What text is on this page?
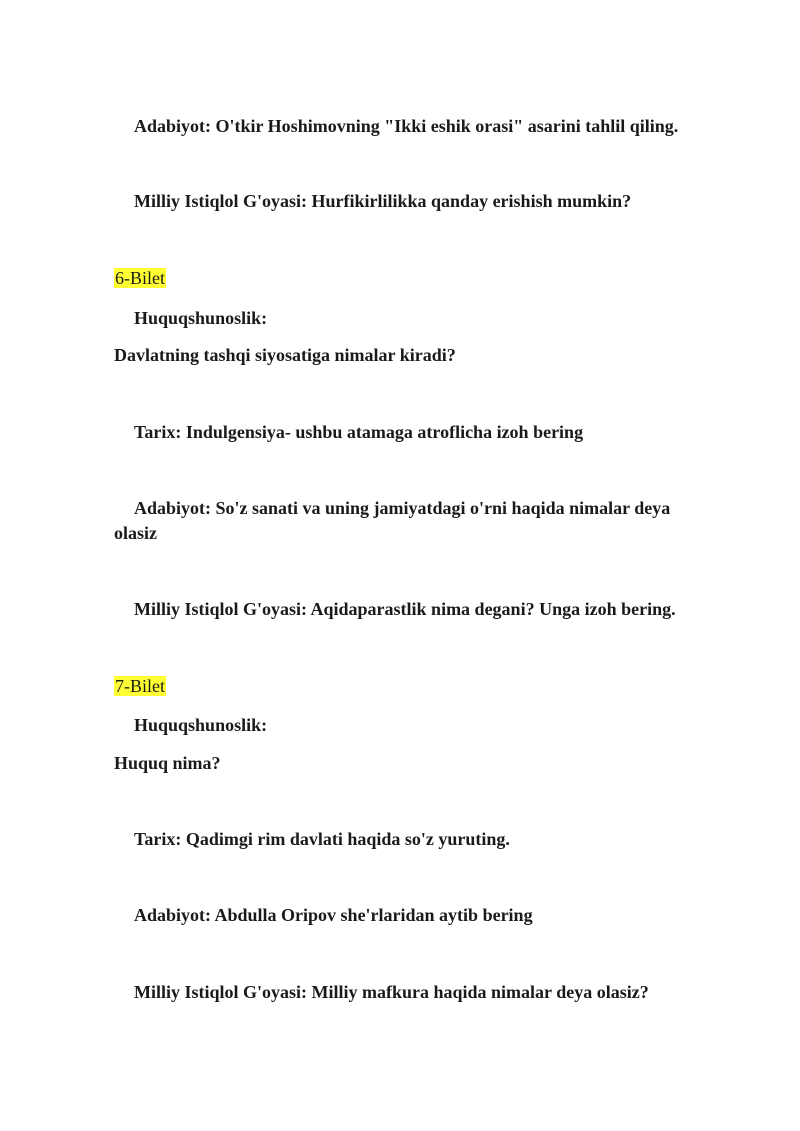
Adabiyot: O'tkir Hoshimovning "Ikki eshik orasi" asarini tahlil qiling.
Milliy Istiqlol G'oyasi: Hurfikirlilikka qanday erishish mumkin?
6-Bilet
Huquqshunoslik:
Davlatning tashqi siyosatiga nimalar kiradi?
Tarix: Indulgensiya- ushbu atamaga atroflicha izoh bering
Adabiyot: So'z sanati va uning jamiyatdagi o'rni haqida nimalar deya olasiz
Milliy Istiqlol G'oyasi: Aqidaparastlik nima degani? Unga izoh bering.
7-Bilet
Huquqshunoslik:
Huquq nima?
Tarix: Qadimgi rim davlati haqida so'z yuruting.
Adabiyot: Abdulla Oripov she'rlaridan aytib bering
Milliy Istiqlol G'oyasi: Milliy mafkura haqida nimalar deya olasiz?
